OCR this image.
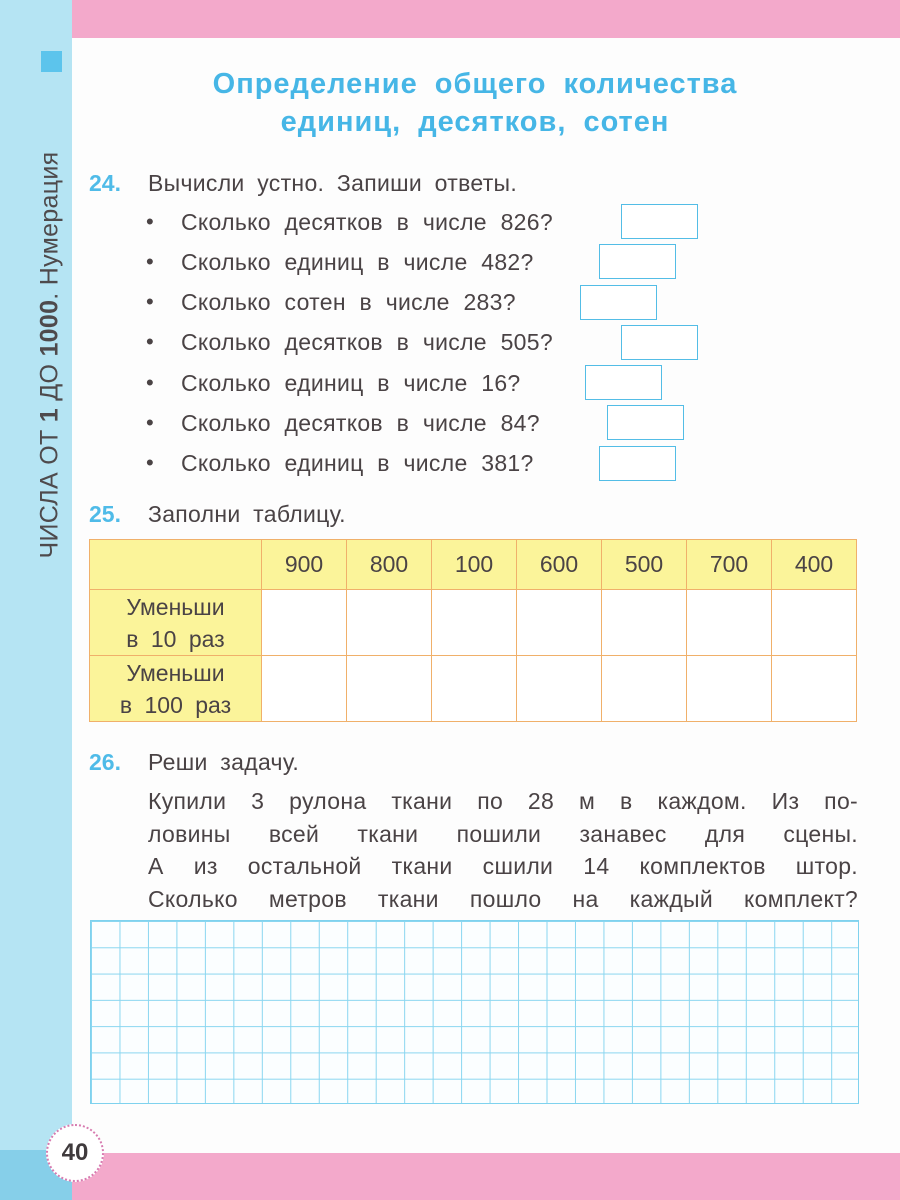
ЧИСЛА ОТ 1 ДО 1000. Нумерация
Определение общего количества
единиц, десятков, сотен
24. Вычисли устно. Запиши ответы.
• Сколько десятков в числе 826?
• Сколько единиц в числе 482?
• Сколько сотен в числе 283?
• Сколько десятков в числе 505?
• Сколько единиц в числе 16?
• Сколько десятков в числе 84?
• Сколько единиц в числе 381?
25. Заполни таблицу.
	900	800	100	600	500	700	400

Уменьши
в 10 раз							

Уменьши
в 100 раз							

26. Реши задачу.
Купили 3 рулона ткани по 28 м в каждом. Из по-
ловины всей ткани пошили занавес для сцены.
А из остальной ткани сшили 14 комплектов штор.
Сколько метров ткани пошло на каждый комплект?
40
